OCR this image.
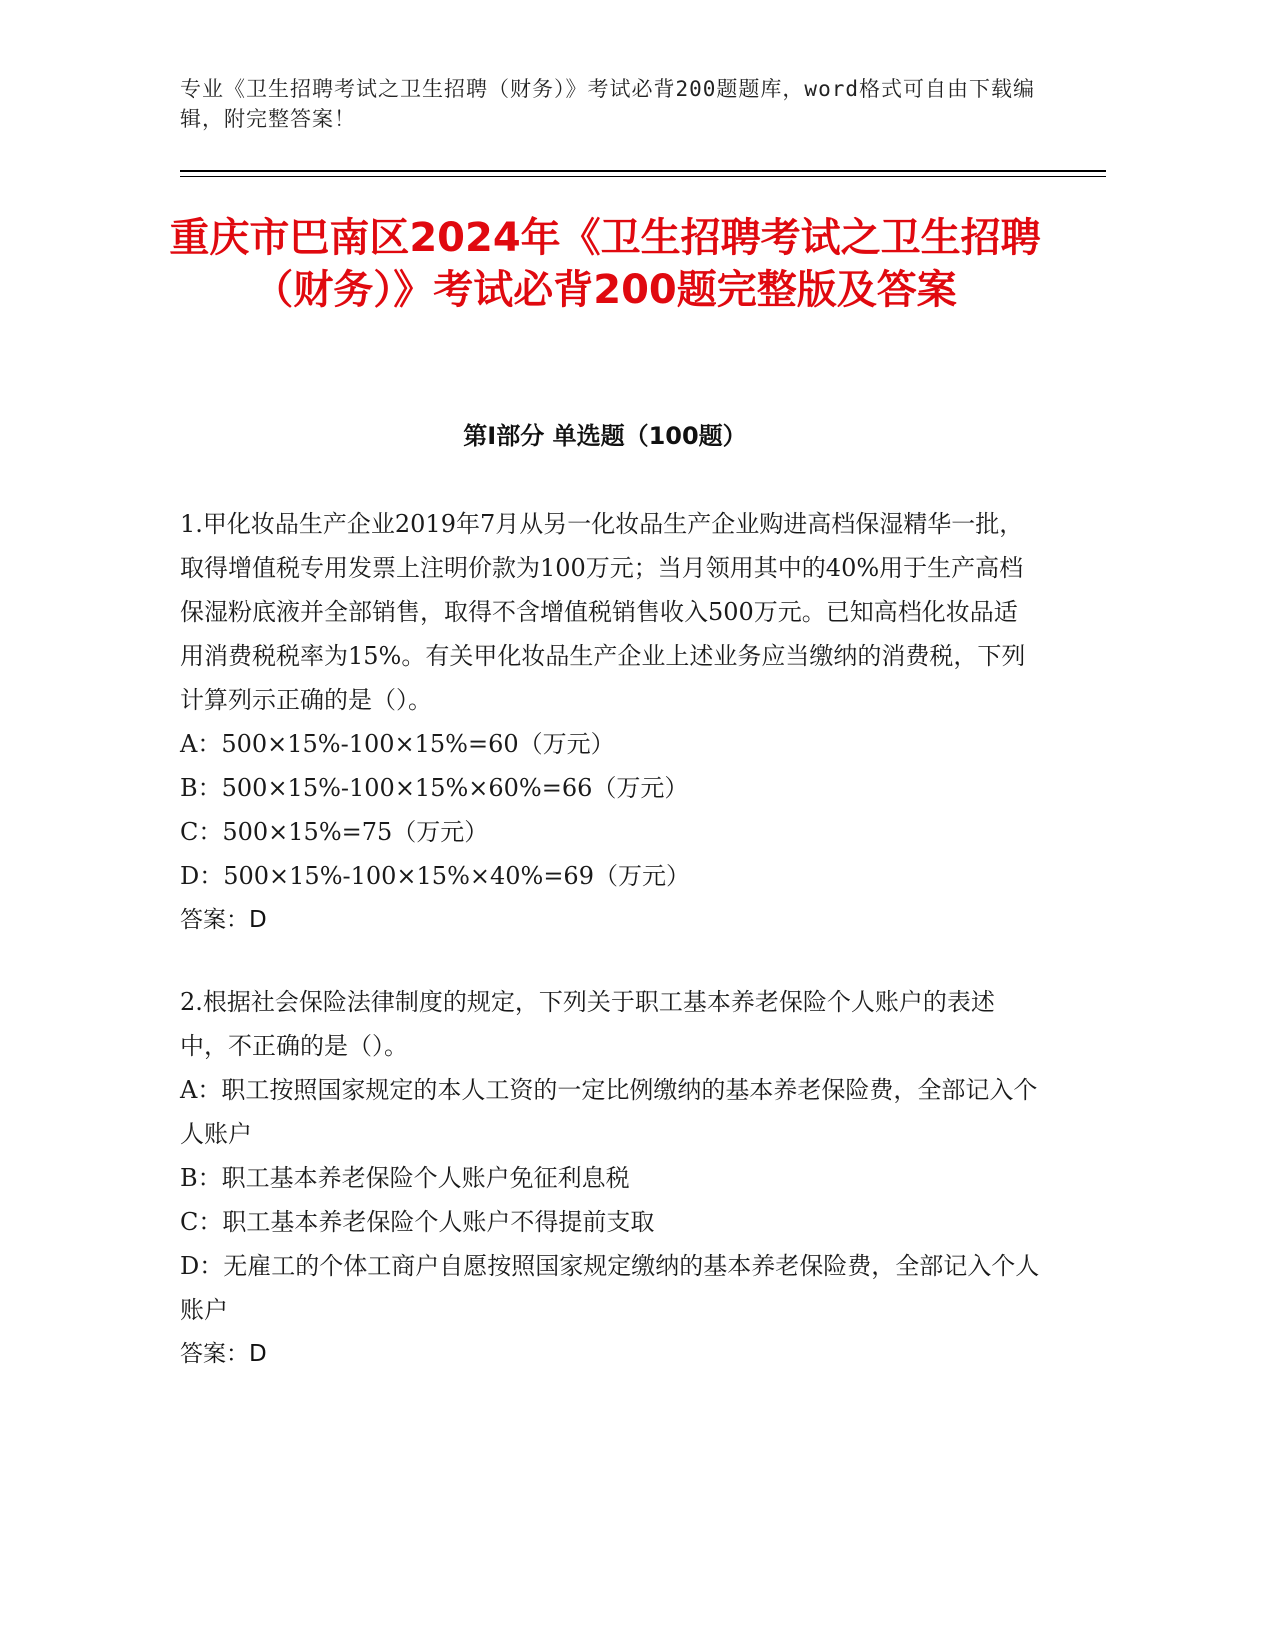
专业《卫生招聘考试之卫生招聘（财务）》考试必背200题题库，word格式可自由下载编辑，附完整答案！
重庆市巴南区2024年《卫生招聘考试之卫生招聘（财务）》考试必背200题完整版及答案
第Ⅰ部分 单选题（100题）

1.甲化妆品生产企业2019年7月从另一化妆品生产企业购进高档保湿精华一批，取得增值税专用发票上注明价款为100万元；当月领用其中的40%用于生产高档保湿粉底液并全部销售，取得不含增值税销售收入500万元。已知高档化妆品适用消费税税率为15%。有关甲化妆品生产企业上述业务应当缴纳的消费税，下列计算列示正确的是（）。

A：500×15%-100×15%=60（万元）

B：500×15%-100×15%×60%=66（万元）

C：500×15%=75（万元）

D：500×15%-100×15%×40%=69（万元）

答案：D

2.根据社会保险法律制度的规定，下列关于职工基本养老保险个人账户的表述中，不正确的是（）。

A：职工按照国家规定的本人工资的一定比例缴纳的基本养老保险费，全部记入个人账户

B：职工基本养老保险个人账户免征利息税

C：职工基本养老保险个人账户不得提前支取

D：无雇工的个体工商户自愿按照国家规定缴纳的基本养老保险费，全部记入个人账户

答案：D
